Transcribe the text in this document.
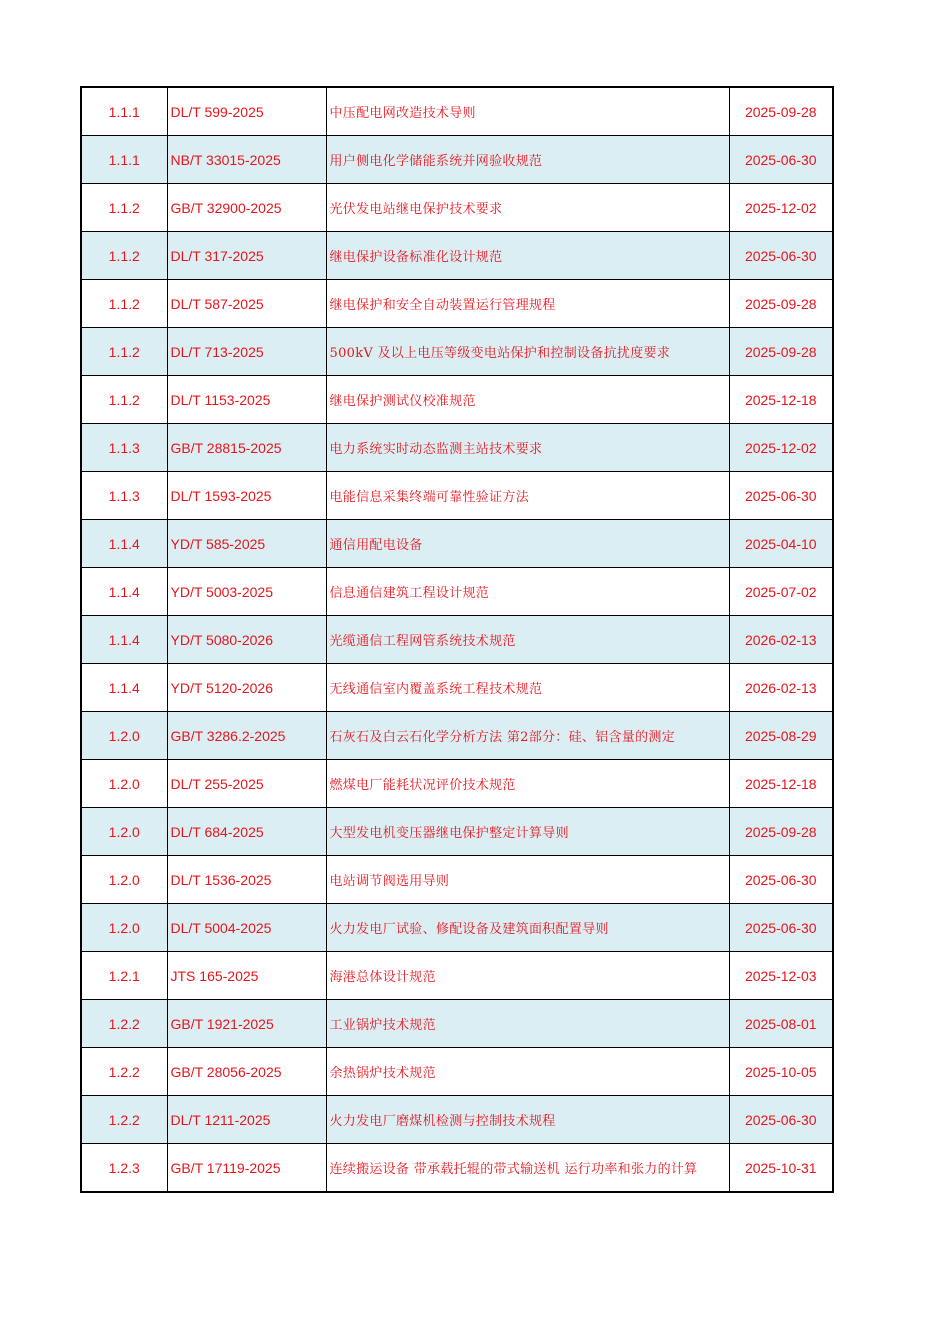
1.1.1	DL/T 599-2025	中压配电网改造技术导则	2025-09-28
1.1.1	NB/T 33015-2025	用户侧电化学储能系统并网验收规范	2025-06-30
1.1.2	GB/T 32900-2025	光伏发电站继电保护技术要求	2025-12-02
1.1.2	DL/T 317-2025	继电保护设备标准化设计规范	2025-06-30
1.1.2	DL/T 587-2025	继电保护和安全自动装置运行管理规程	2025-09-28
1.1.2	DL/T 713-2025	500kV 及以上电压等级变电站保护和控制设备抗扰度要求	2025-09-28
1.1.2	DL/T 1153-2025	继电保护测试仪校准规范	2025-12-18
1.1.3	GB/T 28815-2025	电力系统实时动态监测主站技术要求	2025-12-02
1.1.3	DL/T 1593-2025	电能信息采集终端可靠性验证方法	2025-06-30
1.1.4	YD/T 585-2025	通信用配电设备	2025-04-10
1.1.4	YD/T 5003-2025	信息通信建筑工程设计规范	2025-07-02
1.1.4	YD/T 5080-2026	光缆通信工程网管系统技术规范	2026-02-13
1.1.4	YD/T 5120-2026	无线通信室内覆盖系统工程技术规范	2026-02-13
1.2.0	GB/T 3286.2-2025	石灰石及白云石化学分析方法 第2部分：硅、铝含量的测定	2025-08-29
1.2.0	DL/T 255-2025	燃煤电厂能耗状况评价技术规范	2025-12-18
1.2.0	DL/T 684-2025	大型发电机变压器继电保护整定计算导则	2025-09-28
1.2.0	DL/T 1536-2025	电站调节阀选用导则	2025-06-30
1.2.0	DL/T 5004-2025	火力发电厂试验、修配设备及建筑面积配置导则	2025-06-30
1.2.1	JTS 165-2025	海港总体设计规范	2025-12-03
1.2.2	GB/T 1921-2025	工业锅炉技术规范	2025-08-01
1.2.2	GB/T 28056-2025	余热锅炉技术规范	2025-10-05
1.2.2	DL/T 1211-2025	火力发电厂磨煤机检测与控制技术规程	2025-06-30
1.2.3	GB/T 17119-2025	连续搬运设备 带承载托辊的带式输送机 运行功率和张力的计算	2025-10-31
